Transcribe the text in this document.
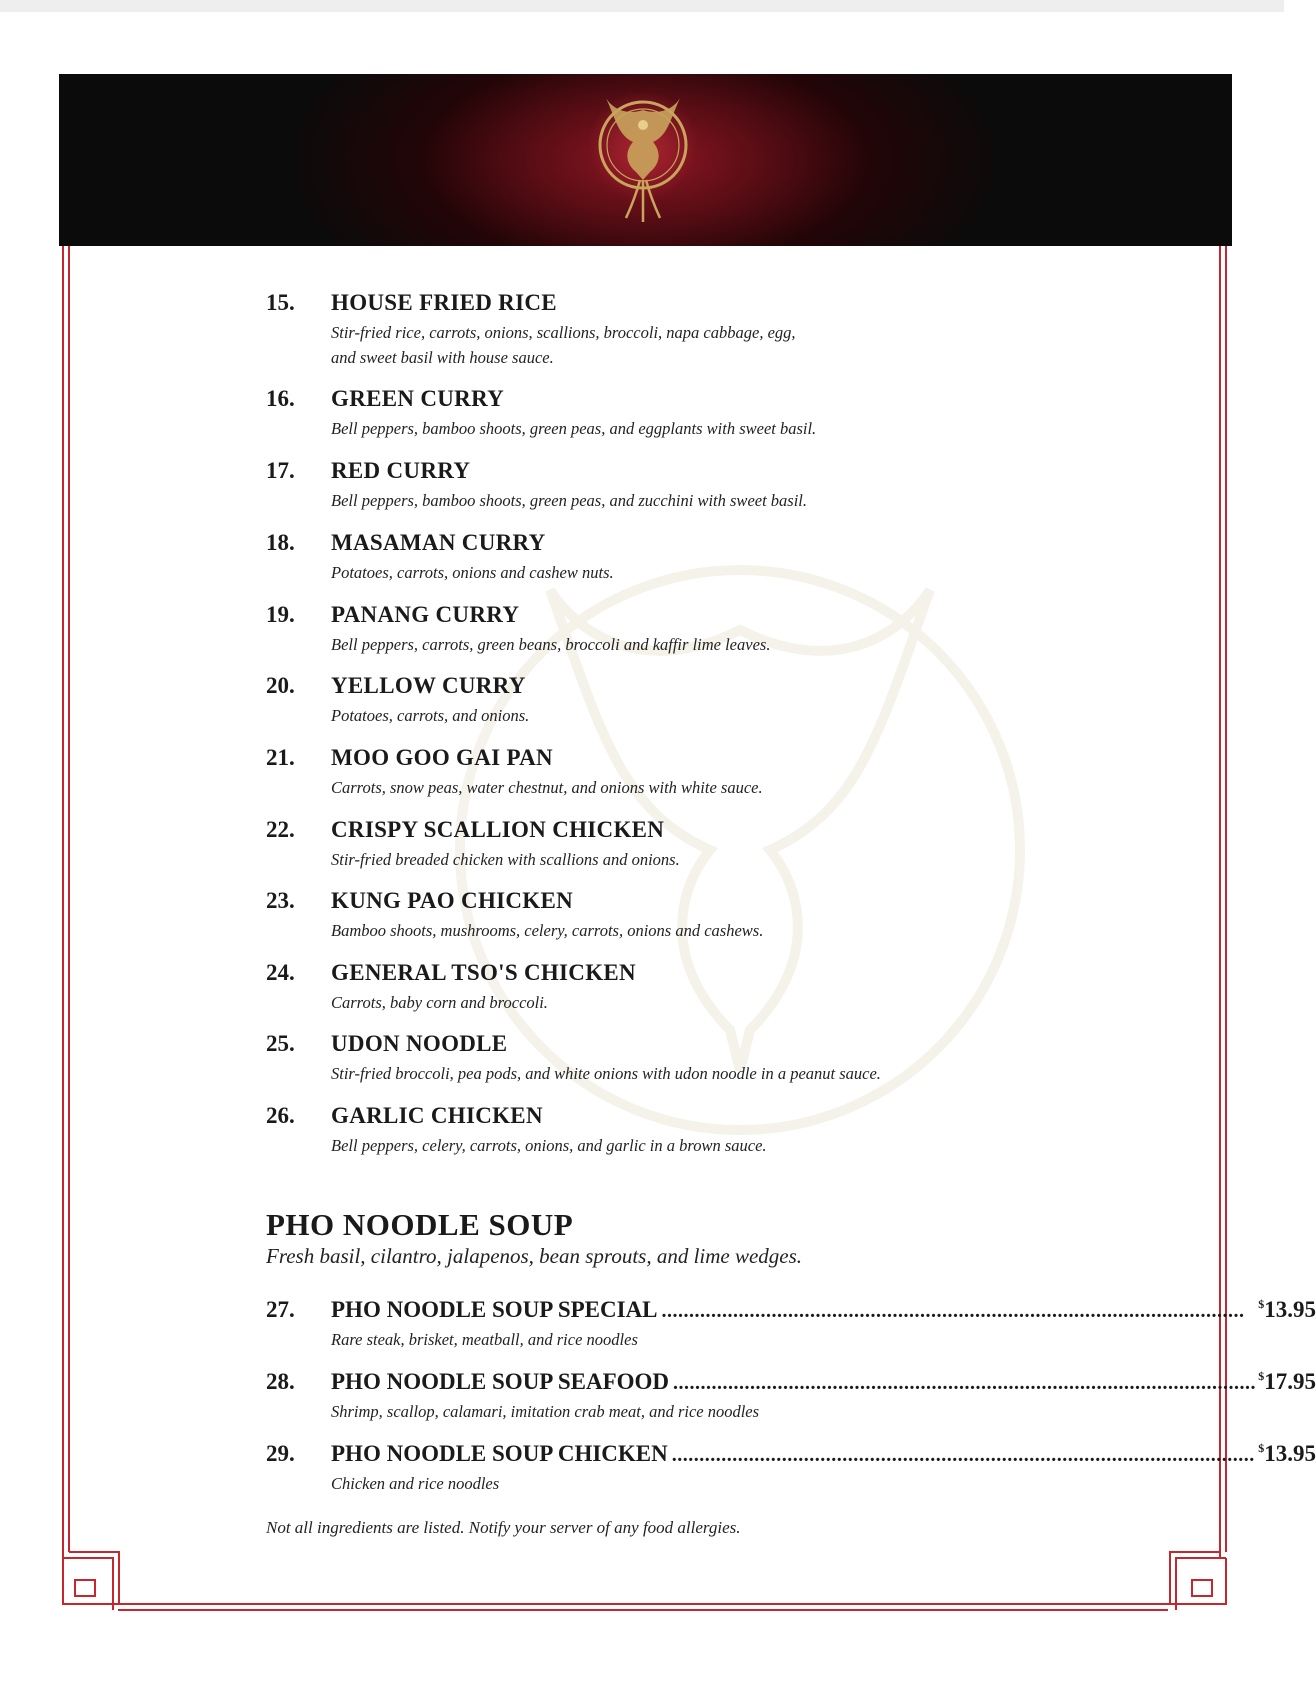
15. HOUSE FRIED RICE
Stir-fried rice, carrots, onions, scallions, broccoli, napa cabbage, egg,
and sweet basil with house sauce.
16. GREEN CURRY
Bell peppers, bamboo shoots, green peas, and eggplants with sweet basil.
17. RED CURRY
Bell peppers, bamboo shoots, green peas, and zucchini with sweet basil.
18. MASAMAN CURRY
Potatoes, carrots, onions and cashew nuts.
19. PANANG CURRY
Bell peppers, carrots, green beans, broccoli and kaffir lime leaves.
20. YELLOW CURRY
Potatoes, carrots, and onions.
21. MOO GOO GAI PAN
Carrots, snow peas, water chestnut, and onions with white sauce.
22. CRISPY SCALLION CHICKEN
Stir-fried breaded chicken with scallions and onions.
23. KUNG PAO CHICKEN
Bamboo shoots, mushrooms, celery, carrots, onions and cashews.
24. GENERAL TSO'S CHICKEN
Carrots, baby corn and broccoli.
25. UDON NOODLE
Stir-fried broccoli, pea pods, and white onions with udon noodle in a peanut sauce.
26. GARLIC CHICKEN
Bell peppers, celery, carrots, onions, and garlic in a brown sauce.
PHO NOODLE SOUP
Fresh basil, cilantro, jalapenos, bean sprouts, and lime wedges.
27. PHO NOODLE SOUP SPECIAL ..........................................................................................................	$13.95
Rare steak, brisket, meatball, and rice noodles
28. PHO NOODLE SOUP SEAFOOD .......................................................................................................... $17.95
Shrimp, scallop, calamari, imitation crab meat, and rice noodles
29. PHO NOODLE SOUP CHICKEN .......................................................................................................... $13.95
Chicken and rice noodles
Not all ingredients are listed. Notify your server of any food allergies.
